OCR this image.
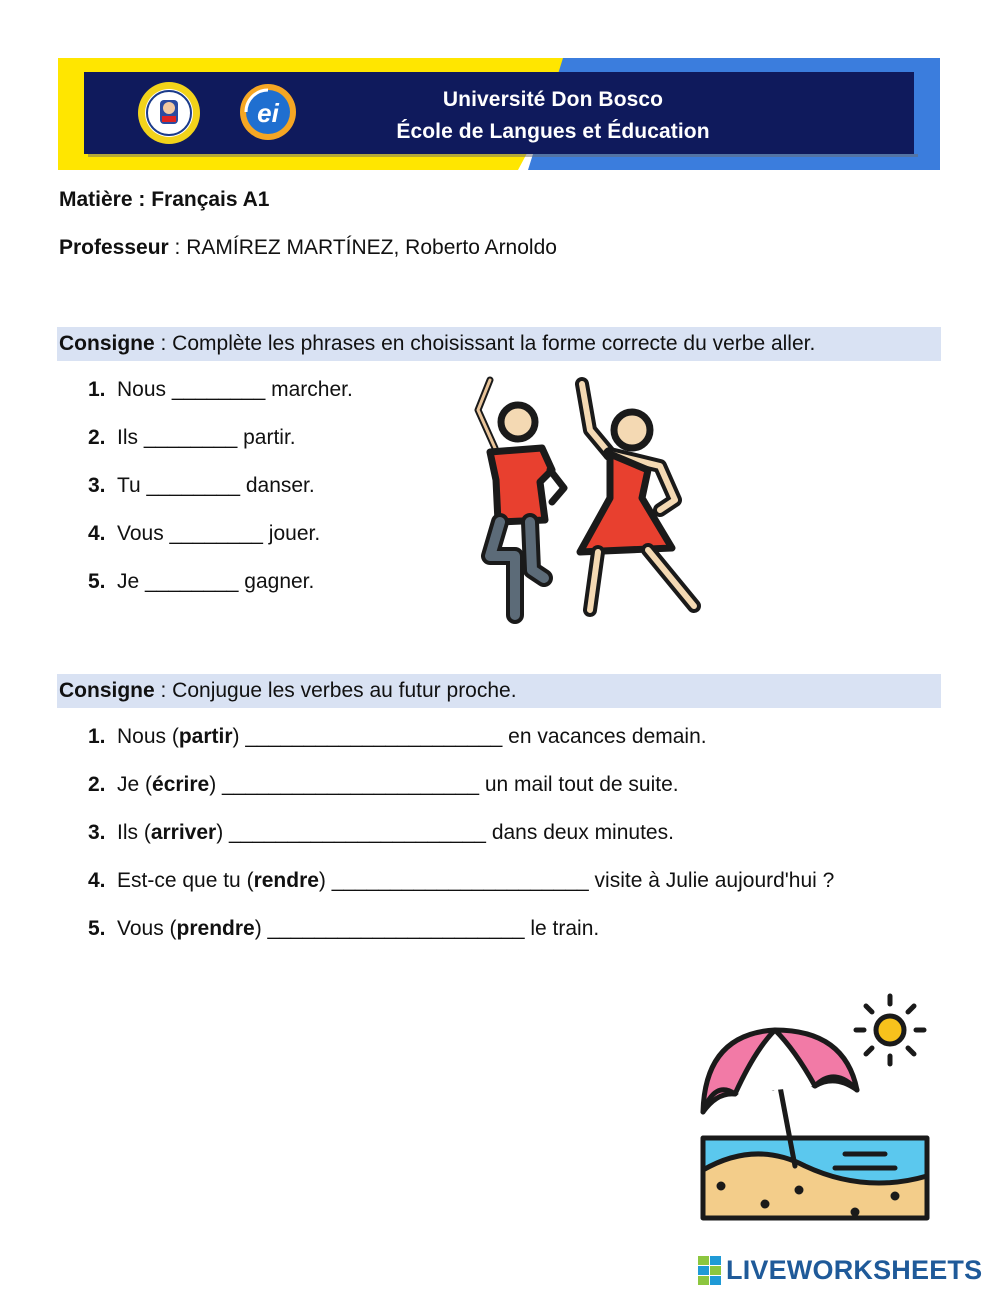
ei	Université Don Bosco
École de Langues et Éducation
Matière : Français A1
Professeur : RAMÍREZ MARTÍNEZ, Roberto Arnoldo
Consigne : Complète les phrases en choisissant la forme correcte du verbe aller.
1. Nous ________ marcher.
2. Ils ________ partir.
3. Tu ________ danser.
4. Vous ________ jouer.
5. Je ________ gagner.
Consigne : Conjugue les verbes au futur proche.
1. Nous (partir) ______________________ en vacances demain.
2. Je (écrire) ______________________ un mail tout de suite.
3. Ils (arriver) ______________________ dans deux minutes.
4. Est-ce que tu (rendre) ______________________ visite à Julie aujourd'hui ?
5. Vous (prendre) ______________________ le train.
LIVEWORKSHEETS
